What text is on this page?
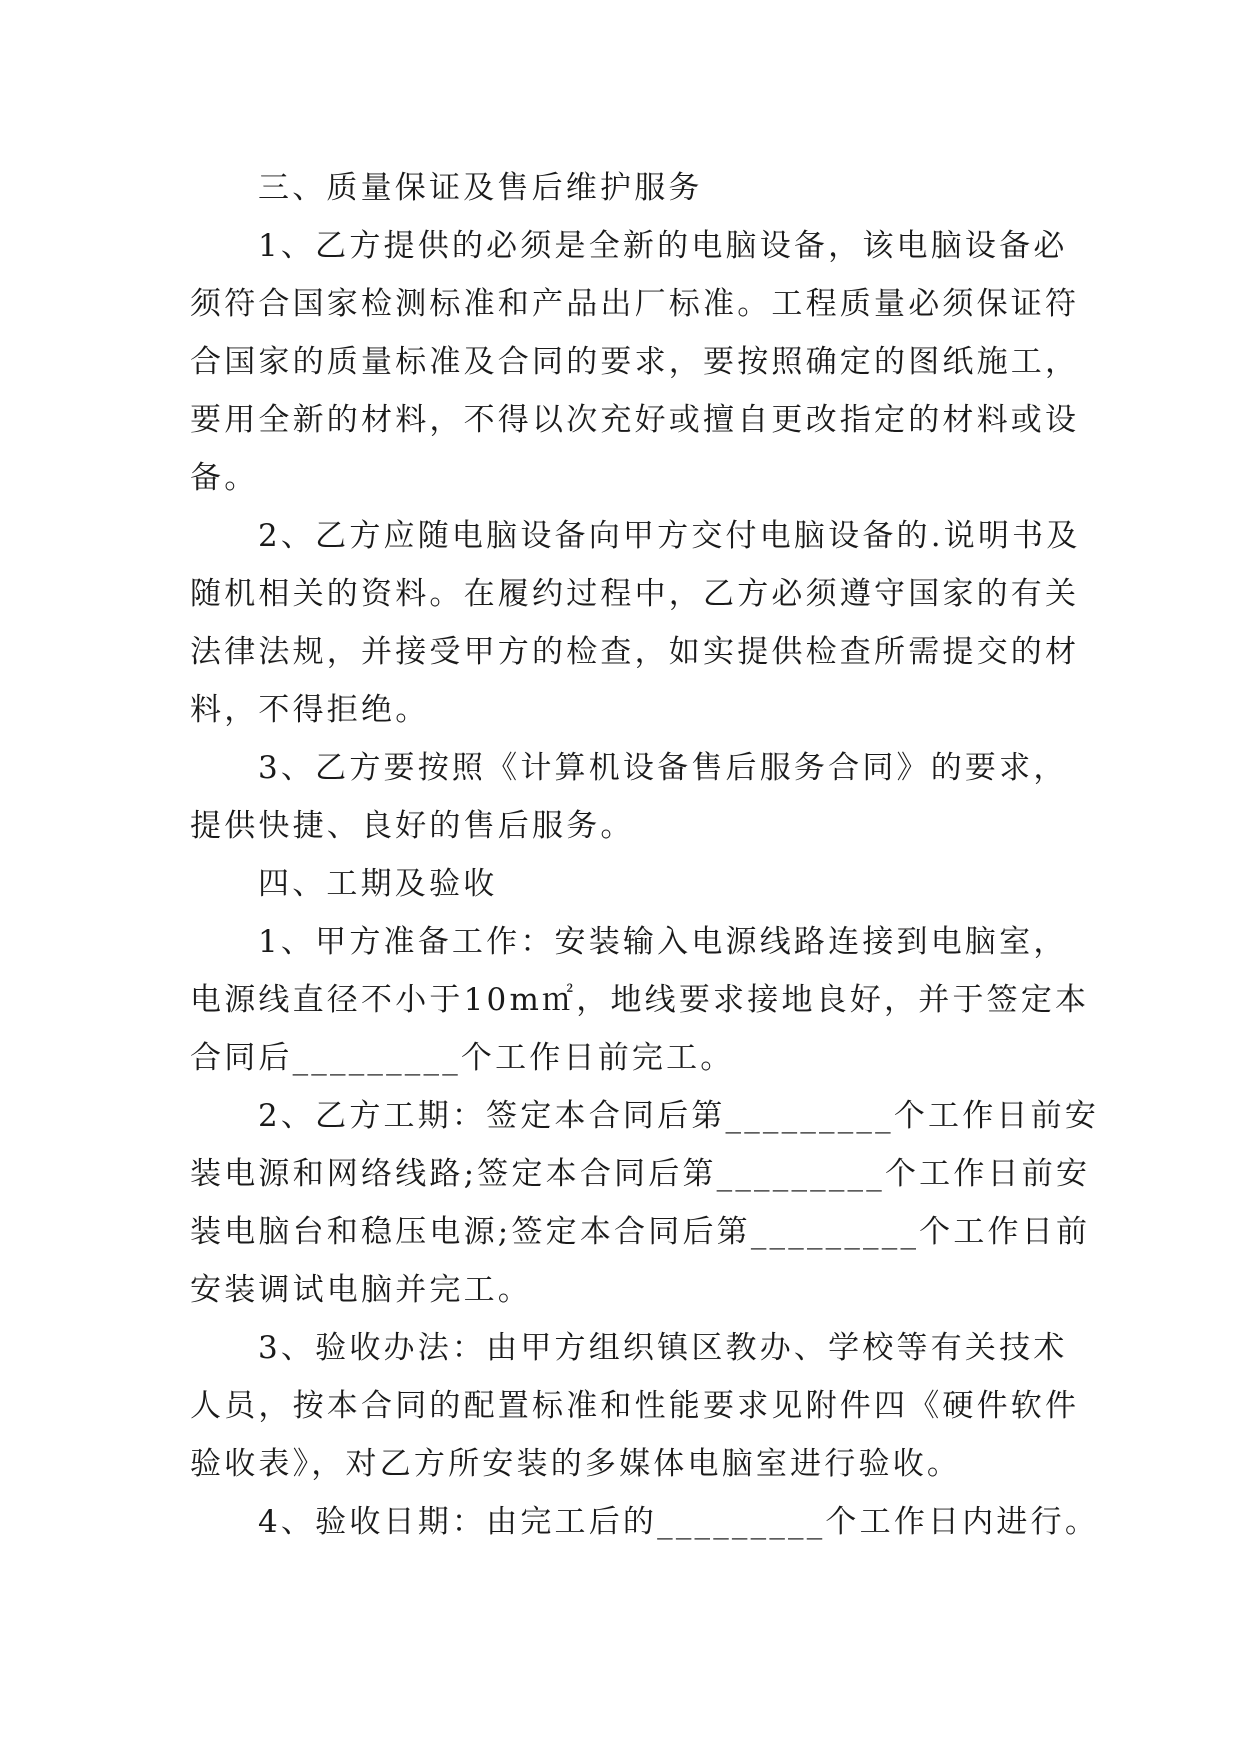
三、质量保证及售后维护服务

1、乙方提供的必须是全新的电脑设备，该电脑设备必
须符合国家检测标准和产品出厂标准。工程质量必须保证符
合国家的质量标准及合同的要求，要按照确定的图纸施工，
要用全新的材料，不得以次充好或擅自更改指定的材料或设
备。

2、乙方应随电脑设备向甲方交付电脑设备的.说明书及
随机相关的资料。在履约过程中，乙方必须遵守国家的有关
法律法规，并接受甲方的检查，如实提供检查所需提交的材
料，不得拒绝。

3、乙方要按照《计算机设备售后服务合同》的要求，
提供快捷、良好的售后服务。

四、工期及验收

1、甲方准备工作：安装输入电源线路连接到电脑室，
电源线直径不小于10m㎡，地线要求接地良好，并于签定本
合同后_________个工作日前完工。

2、乙方工期：签定本合同后第_________个工作日前安
装电源和网络线路;签定本合同后第_________个工作日前安
装电脑台和稳压电源;签定本合同后第_________个工作日前
安装调试电脑并完工。

3、验收办法：由甲方组织镇区教办、学校等有关技术
人员，按本合同的配置标准和性能要求见附件四《硬件软件
验收表》，对乙方所安装的多媒体电脑室进行验收。

4、验收日期：由完工后的_________个工作日内进行。
